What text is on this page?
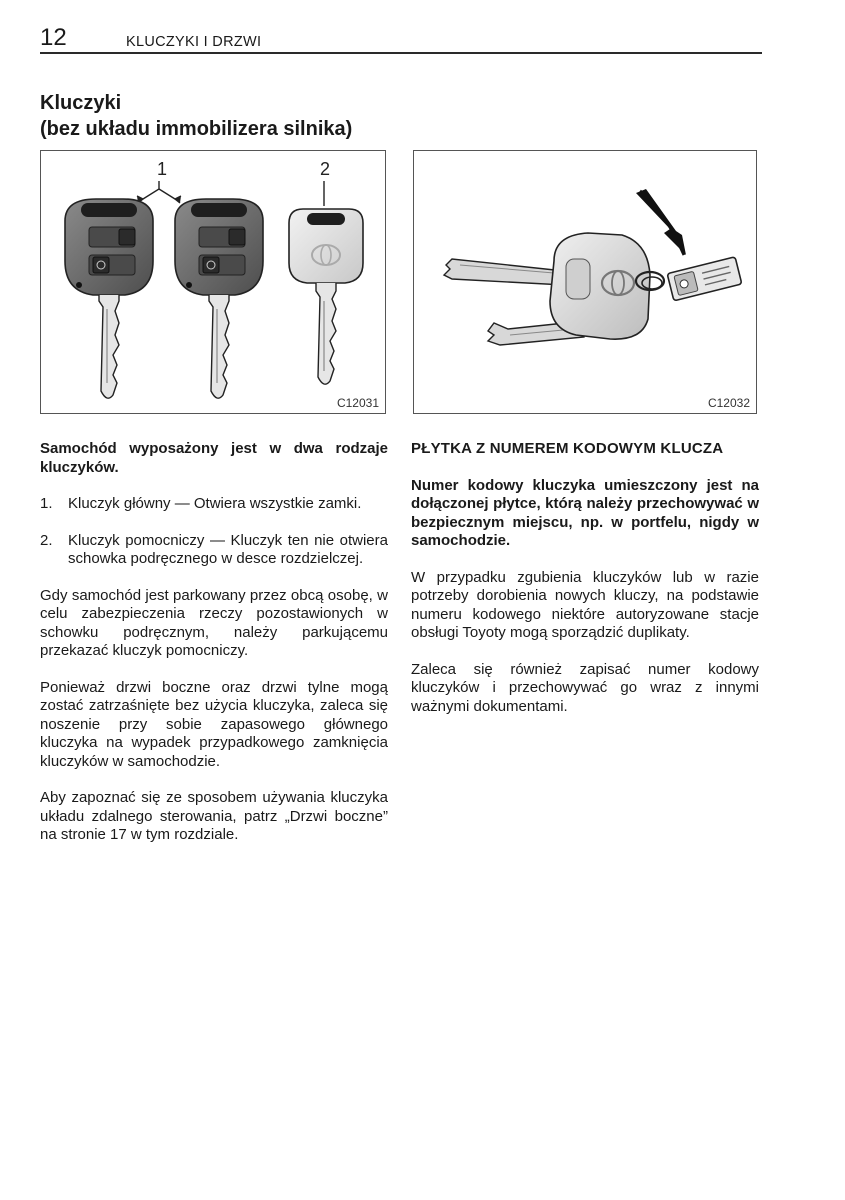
12	KLUCZYKI I DRZWI
Kluczyki
(bez układu immobilizera silnika)
1	2
C12031	C12032

Samochód wyposażony jest w dwa rodzaje kluczyków.

1. Kluczyk główny — Otwiera wszystkie zamki.
2. Kluczyk pomocniczy — Kluczyk ten nie otwiera schowka podręcznego w desce rozdzielczej.

Gdy samochód jest parkowany przez obcą osobę, w celu zabezpieczenia rzeczy pozostawionych w schowku podręcznym, należy parkującemu przekazać kluczyk pomocniczy.

Ponieważ drzwi boczne oraz drzwi tylne mogą zostać zatrzaśnięte bez użycia kluczyka, zaleca się noszenie przy sobie zapasowego głównego kluczyka na wypadek przypadkowego zamknięcia kluczyków w samochodzie.

Aby zapoznać się ze sposobem używania kluczyka układu zdalnego sterowania, patrz „Drzwi boczne” na stronie 17 w tym rozdziale.

PŁYTKA Z NUMEREM KODOWYM KLUCZA

Numer kodowy kluczyka umieszczony jest na dołączonej płytce, którą należy przechowywać w bezpiecznym miejscu, np. w portfelu, nigdy w samochodzie.

W przypadku zgubienia kluczyków lub w razie potrzeby dorobienia nowych kluczy, na podstawie numeru kodowego niektóre autoryzowane stacje obsługi Toyoty mogą sporządzić duplikaty.

Zaleca się również zapisać numer kodowy kluczyków i przechowywać go wraz z innymi ważnymi dokumentami.
